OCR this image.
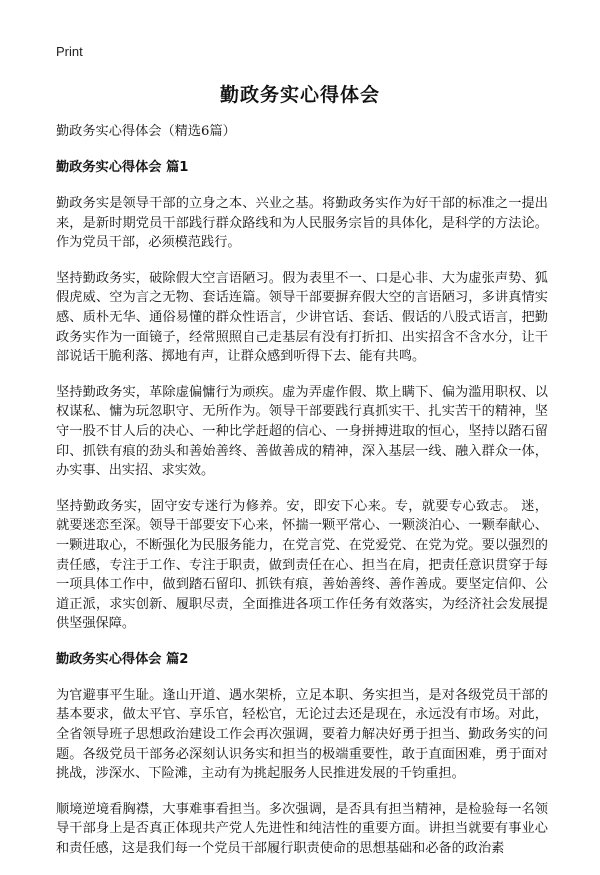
Print
勤政务实心得体会

勤政务实心得体会（精选6篇）

勤政务实心得体会 篇1

勤政务实是领导干部的立身之本、兴业之基。将勤政务实作为好干部的标准之一提出来，是新时期党员干部践行群众路线和为人民服务宗旨的具体化，是科学的方法论。作为党员干部，必须模范践行。

坚持勤政务实，破除假大空言语陋习。假为表里不一、口是心非、大为虚张声势、狐假虎威、空为言之无物、套话连篇。领导干部要摒弃假大空的言语陋习，多讲真情实感、质朴无华、通俗易懂的群众性语言，少讲官话、套话、假话的八股式语言，把勤政务实作为一面镜子，经常照照自己走基层有没有打折扣、出实招含不含水分，让干部说话干脆利落、掷地有声，让群众感到听得下去、能有共鸣。

坚持勤政务实，革除虚偏慵行为顽疾。虚为弄虚作假、欺上瞒下、偏为滥用职权、以权谋私、慵为玩忽职守、无所作为。领导干部要践行真抓实干、扎实苦干的精神，坚守一股不甘人后的决心、一种比学赶超的信心、一身拼搏进取的恒心，坚持以踏石留印、抓铁有痕的劲头和善始善终、善做善成的精神，深入基层一线、融入群众一体，办实事、出实招、求实效。

坚持勤政务实，固守安专迷行为修养。安，即安下心来。专，就要专心致志。 迷，就要迷恋至深。领导干部要安下心来，怀揣一颗平常心、一颗淡泊心、一颗奉献心、一颗进取心，不断强化为民服务能力，在党言党、在党爱党、在党为党。要以强烈的责任感，专注于工作、专注于职责，做到责任在心、担当在肩，把责任意识贯穿于每一项具体工作中，做到踏石留印、抓铁有痕，善始善终、善作善成。要坚定信仰、公道正派，求实创新、履职尽责，全面推进各项工作任务有效落实，为经济社会发展提供坚强保障。

勤政务实心得体会 篇2

为官避事平生耻。逢山开道、遇水架桥，立足本职、务实担当，是对各级党员干部的基本要求，做太平官、享乐官，轻松官，无论过去还是现在，永远没有市场。对此，全省领导班子思想政治建设工作会再次强调，要着力解决好勇于担当、勤政务实的问题。各级党员干部务必深刻认识务实和担当的极端重要性，敢于直面困难，勇于面对挑战，涉深水、下险滩，主动有为挑起服务人民推进发展的千钧重担。

顺境逆境看胸襟，大事难事看担当。多次强调，是否具有担当精神，是检验每一名领导干部身上是否真正体现共产党人先进性和纯洁性的重要方面。讲担当就要有事业心和责任感，这是我们每一个党员干部履行职责使命的思想基础和必备的政治素
